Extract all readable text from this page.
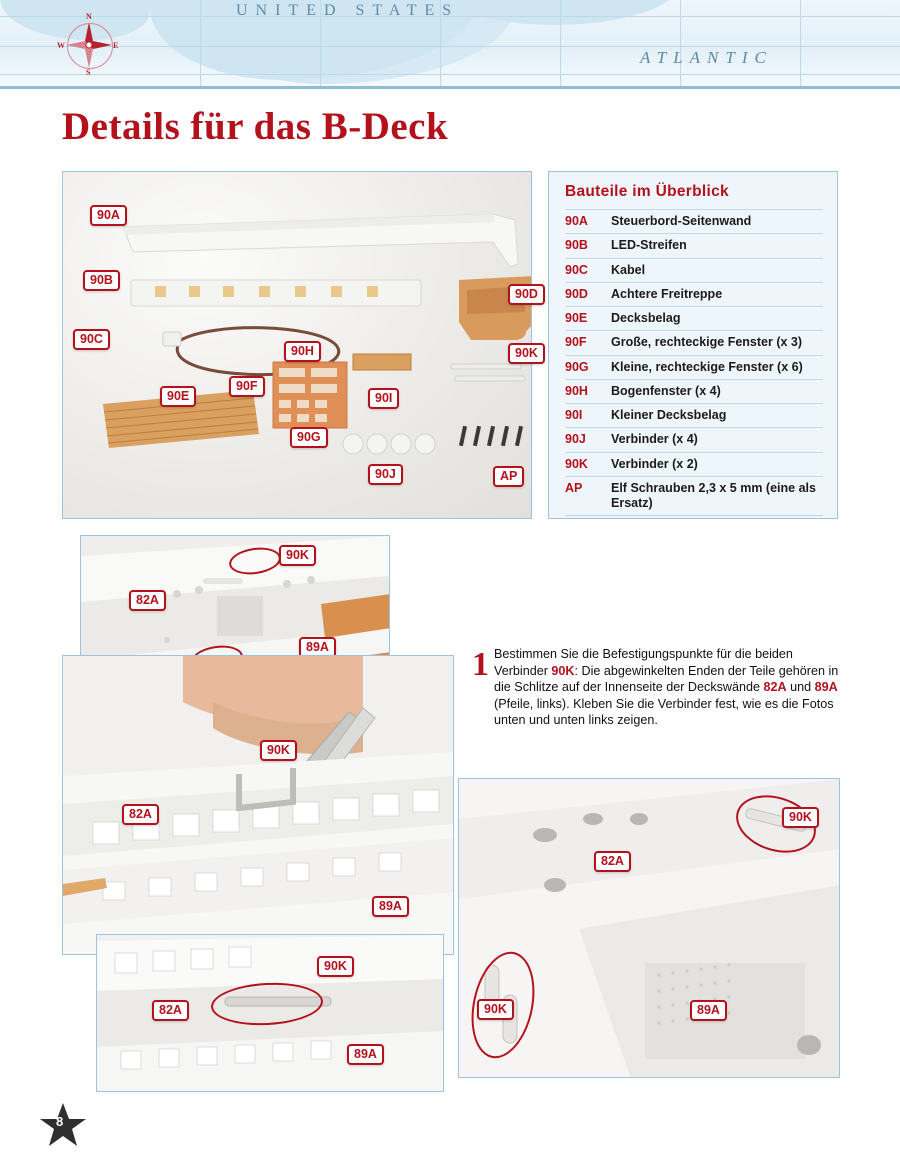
N
E
S
W
UNITED STATES
ATLANTIC
Details für das B-Deck
90A
90B
90C
90D
90E
90F
90G
90H
90I
90J
90K
AP
Bauteile im Überblick
90A	Steuerbord-Seitenwand
90B	LED-Streifen
90C	Kabel
90D	Achtere Freitreppe
90E	Decksbelag
90F	Große, rechteckige Fenster (x 3)
90G	Kleine, rechteckige Fenster (x 6)
90H	Bogenfenster (x 4)
90I	Kleiner Decksbelag
90J	Verbinder (x 4)
90K	Verbinder (x 2)
AP	Elf Schrauben 2,3 x 5 mm (eine als Ersatz)
90K
82A
89A
90K
82A
89A
90K
82A
89A
90K
82A
90K	89A
1 Bestimmen Sie die Befestigungspunkte für die beiden Verbinder 90K: Die abgewinkelten Enden der Teile gehören in die Schlitze auf der Innenseite der Deckswände 82A und 89A (Pfeile, links). Kleben Sie die Verbinder fest, wie es die Fotos unten und unten links zeigen.
8
